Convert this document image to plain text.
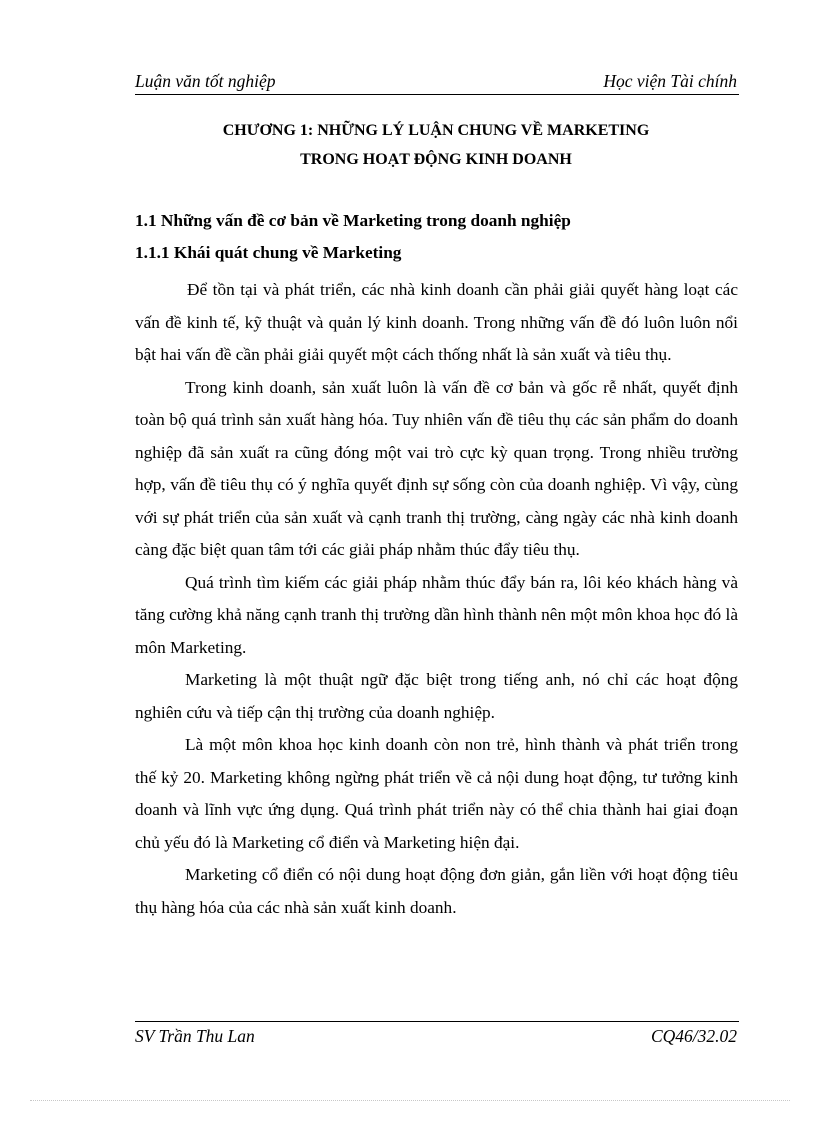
Luận văn tốt nghiệp	Học viện Tài chính
CHƯƠNG 1: NHỮNG LÝ LUẬN CHUNG VỀ MARKETING
TRONG HOẠT ĐỘNG KINH DOANH
1.1 Những vấn đề cơ bản về Marketing trong doanh nghiệp
1.1.1 Khái quát chung về Marketing

Để tồn tại và phát triển, các nhà kinh doanh cần phải giải quyết hàng loạt các vấn đề kinh tế, kỹ thuật và quản lý kinh doanh. Trong những vấn đề đó luôn luôn nổi bật hai vấn đề cần phải giải quyết một cách thống nhất là sản xuất và tiêu thụ.

Trong kinh doanh, sản xuất luôn là vấn đề cơ bản và gốc rễ nhất, quyết định toàn bộ quá trình sản xuất hàng hóa. Tuy nhiên vấn đề tiêu thụ các sản phẩm do doanh nghiệp đã sản xuất ra cũng đóng một vai trò cực kỳ quan trọng. Trong nhiều trường hợp, vấn đề tiêu thụ có ý nghĩa quyết định sự sống còn của doanh nghiệp. Vì vậy, cùng với sự phát triển của sản xuất và cạnh tranh thị trường, càng ngày các nhà kinh doanh càng đặc biệt quan tâm tới các giải pháp nhằm thúc đẩy tiêu thụ.

Quá trình tìm kiếm các giải pháp nhằm thúc đẩy bán ra, lôi kéo khách hàng và tăng cường khả năng cạnh tranh thị trường dần hình thành nên một môn khoa học đó là môn Marketing.

Marketing là một thuật ngữ đặc biệt trong tiếng anh, nó chỉ các hoạt động nghiên cứu và tiếp cận thị trường của doanh nghiệp.

Là một môn khoa học kinh doanh còn non trẻ, hình thành và phát triển trong thế kỷ 20. Marketing không ngừng phát triển về cả nội dung hoạt động, tư tưởng kinh doanh và lĩnh vực ứng dụng. Quá trình phát triển này có thể chia thành hai giai đoạn chủ yếu đó là Marketing cổ điển và Marketing hiện đại.

Marketing cổ điển có nội dung hoạt động đơn giản, gắn liền với hoạt động tiêu thụ hàng hóa của các nhà sản xuất kinh doanh.

SV Trần Thu Lan	CQ46/32.02
